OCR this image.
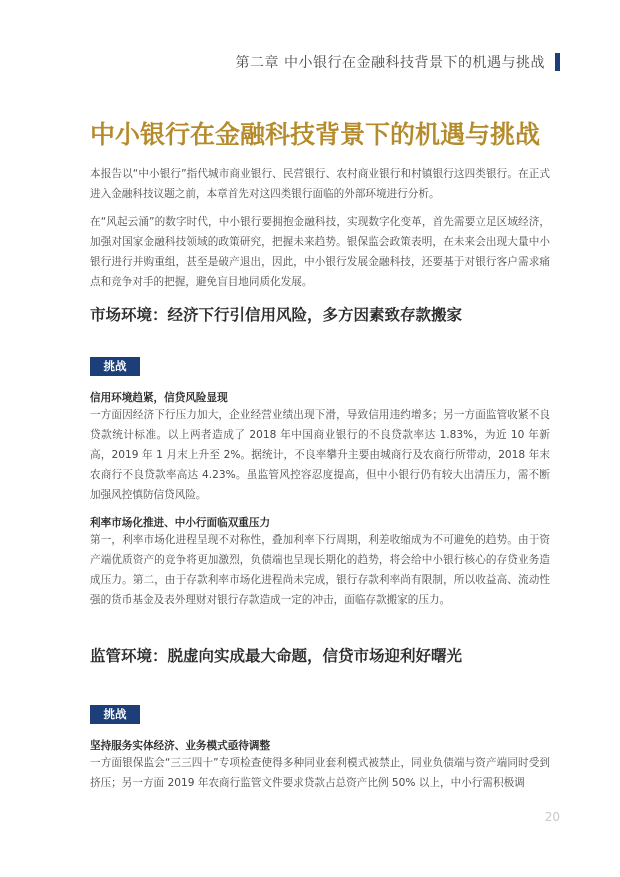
第二章 中小银行在金融科技背景下的机遇与挑战
中小银行在金融科技背景下的机遇与挑战

本报告以“中小银行”指代城市商业银行、民营银行、农村商业银行和村镇银行这四类银行。在正式进入金融科技议题之前，本章首先对这四类银行面临的外部环境进行分析。

在“风起云涌”的数字时代，中小银行要拥抱金融科技，实现数字化变革，首先需要立足区域经济，加强对国家金融科技领域的政策研究，把握未来趋势。银保监会政策表明，在未来会出现大量中小银行进行并购重组，甚至是破产退出，因此，中小银行发展金融科技，还要基于对银行客户需求痛点和竞争对手的把握，避免盲目地同质化发展。

市场环境：经济下行引信用风险，多方因素致存款搬家
挑战
信用环境趋紧，信贷风险显现

一方面因经济下行压力加大，企业经营业绩出现下滑，导致信用违约增多；另一方面监管收紧不良贷款统计标准。以上两者造成了 2018 年中国商业银行的不良贷款率达 1.83%，为近 10 年新高，2019 年 1 月末上升至 2%。据统计，不良率攀升主要由城商行及农商行所带动，2018 年末农商行不良贷款率高达 4.23%。虽监管风控容忍度提高，但中小银行仍有较大出清压力，需不断加强风控慎防信贷风险。

利率市场化推进、中小行面临双重压力

第一，利率市场化进程呈现不对称性，叠加利率下行周期，利差收缩成为不可避免的趋势。由于资产端优质资产的竞争将更加激烈，负债端也呈现长期化的趋势，将会给中小银行核心的存贷业务造成压力。第二，由于存款利率市场化进程尚未完成，银行存款利率尚有限制，所以收益高、流动性强的货币基金及表外理财对银行存款造成一定的冲击，面临存款搬家的压力。

监管环境：脱虚向实成最大命题，信贷市场迎利好曙光
挑战
坚持服务实体经济、业务模式亟待调整

一方面银保监会“三三四十”专项检查使得多种同业套利模式被禁止，同业负债端与资产端同时受到挤压；另一方面 2019 年农商行监管文件要求贷款占总资产比例 50% 以上，中小行需积极调

20
